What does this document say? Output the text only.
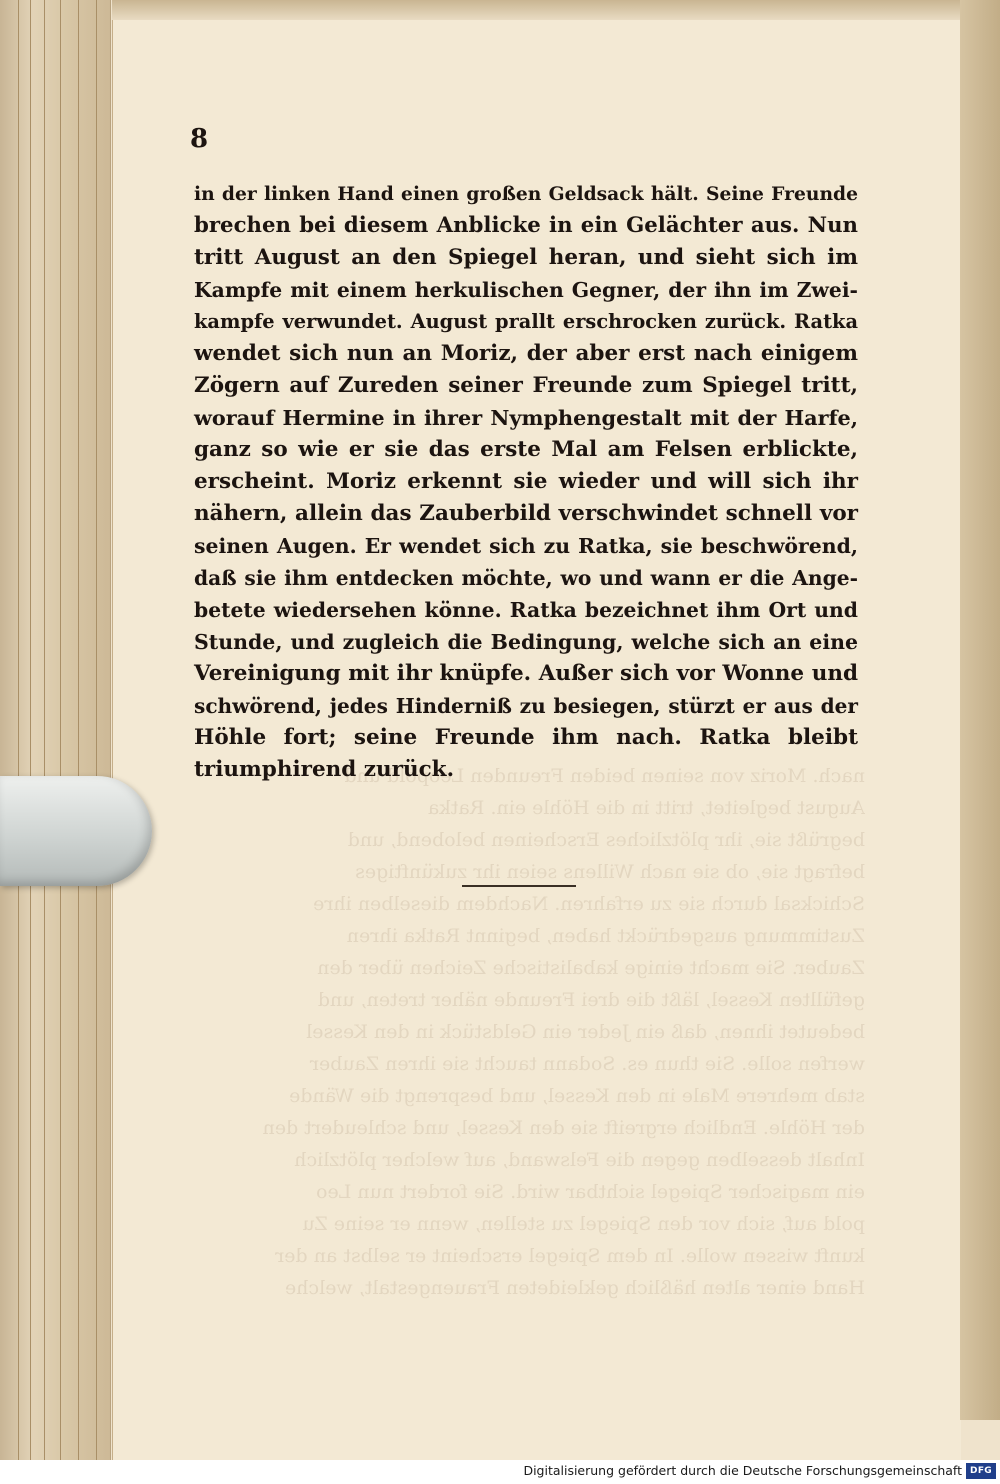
nach. Moriz von seinen beiden Freunden Leopold und
August begleitet, tritt in die Höhle ein. Ratka
begrüßt sie, ihr plötzliches Erscheinen belobend, und
befragt sie, ob sie nach Willens seien ihr zukünftiges
Schicksal durch sie zu erfahren. Nachdem dieselben ihre
Zustimmung ausgedrückt haben, beginnt Ratka ihren
Zauber. Sie macht einige kabalistische Zeichen über den
gefüllten Kessel, läßt die drei Freunde näher treten, und
bedeutet ihnen, daß ein Jeder ein Geldstück in den Kessel
werfen solle. Sie thun es. Sodann taucht sie ihren Zauber
stab mehrere Male in den Kessel, und besprengt die Wände
der Höhle. Endlich ergreift sie den Kessel, und schleudert den
Inhalt desselben gegen die Felswand, auf welcher plötzlich
ein magischer Spiegel sichtbar wird. Sie fordert nun Leo
pold auf, sich vor den Spiegel zu stellen, wenn er seine Zu
kunft wissen wolle. In dem Spiegel erscheint er selbst an der
Hand einer alten häßlich gekleideten Frauengestalt, welche
8
in der linken Hand einen großen Geldsack hält. Seine Freunde
brechen bei diesem Anblicke in ein Gelächter aus. Nun
tritt August an den Spiegel heran, und sieht sich im
Kampfe mit einem herkulischen Gegner, der ihn im Zwei-
kampfe verwundet. August prallt erschrocken zurück. Ratka
wendet sich nun an Moriz, der aber erst nach einigem
Zögern auf Zureden seiner Freunde zum Spiegel tritt,
worauf Hermine in ihrer Nymphengestalt mit der Harfe,
ganz so wie er sie das erste Mal am Felsen erblickte,
erscheint. Moriz erkennt sie wieder und will sich ihr
nähern, allein das Zauberbild verschwindet schnell vor
seinen Augen. Er wendet sich zu Ratka, sie beschwörend,
daß sie ihm entdecken möchte, wo und wann er die Ange-
betete wiedersehen könne. Ratka bezeichnet ihm Ort und
Stunde, und zugleich die Bedingung, welche sich an eine
Vereinigung mit ihr knüpfe. Außer sich vor Wonne und
schwörend, jedes Hinderniß zu besiegen, stürzt er aus der
Höhle fort; seine Freunde ihm nach. Ratka bleibt
triumphirend zurück.
Digitalisierung gefördert durch die Deutsche Forschungsgemeinschaft DFG
